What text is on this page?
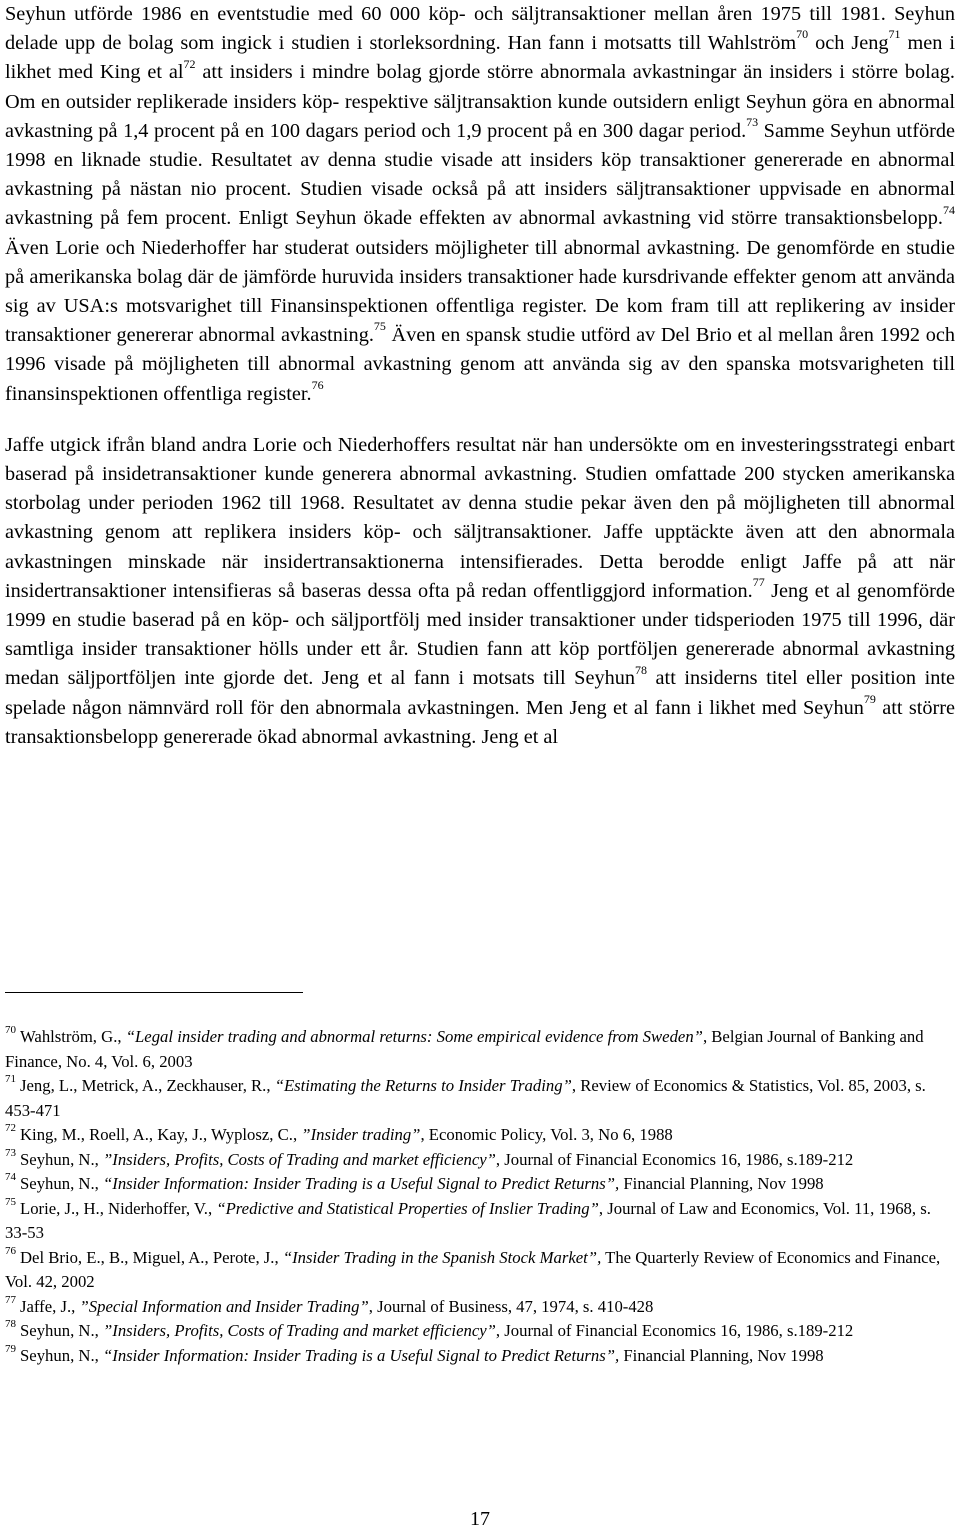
Seyhun utförde 1986 en eventstudie med 60 000 köp- och säljtransaktioner mellan åren 1975 till 1981. Seyhun delade upp de bolag som ingick i studien i storleksordning. Han fann i motsatts till Wahlström$^{70}$ och Jeng$^{71}$ men i likhet med King et $al^{72}$ att insiders i mindre bolag gjorde större abnormala avkastningar än insiders i större bolag. Om en outsider replikerade insiders köp- respektive säljtransaktion kunde outsidern enligt Seyhun göra en abnormal avkastning på 1,4 procent på en 100 dagars period och 1,9 procent på en 300 dagar period.$^{73}$ Samme Seyhun utförde 1998 en liknade studie. Resultatet av denna studie visade att insiders köp transaktioner genererade en abnormal avkastning på nästan nio procent. Studien visade också på att insiders säljtransaktioner uppvisade en abnormal avkastning på fem procent. Enligt Seyhun ökade effekten av abnormal avkastning vid större transaktionsbelopp.$^{74}$ Även Lorie och Niederhoffer har studerat outsiders möjligheter till abnormal avkastning. De genomförde en studie på amerikanska bolag där de jämförde huruvida insiders transaktioner hade kursdrivande effekter genom att använda sig av USA:s motsvarighet till Finansinspektionen offentliga register. De kom fram till att replikering av insider transaktioner genererar abnormal avkastning.$^{75}$ Även en spansk studie utförd av Del Brio et al mellan åren 1992 och 1996 visade på möjligheten till abnormal avkastning genom att använda sig av den spanska motsvarigheten till finansinspektionen offentliga register.$^{76}$

Jaffe utgick ifrån bland andra Lorie och Niederhoffers resultat när han undersökte om en investeringsstrategi enbart baserad på insidetransaktioner kunde generera abnormal avkastning. Studien omfattade 200 stycken amerikanska storbolag under perioden 1962 till 1968. Resultatet av denna studie pekar även den på möjligheten till abnormal avkastning genom att replikera insiders köp- och säljtransaktioner. Jaffe upptäckte även att den abnormala avkastningen minskade när insidertransaktionerna intensifierades. Detta berodde enligt Jaffe på att när insidertransaktioner intensifieras så baseras dessa ofta på redan offentliggjord information.$^{77}$ Jeng et al genomförde 1999 en studie baserad på en köp- och säljportfölj med insider transaktioner under tidsperioden 1975 till 1996, där samtliga insider transaktioner hölls under ett år. Studien fann att köp portföljen genererade abnormal avkastning medan säljportföljen inte gjorde det. Jeng et al fann i motsats till Seyhun$^{78}$ att insiderns titel eller position inte spelade någon nämnvärd roll för den abnormala avkastningen. Men Jeng et al fann i likhet med Seyhun$^{79}$ att större transaktionsbelopp genererade ökad abnormal avkastning. Jeng et al

$^{70}$ Wahlström, G., “Legal insider trading and abnormal returns: Some empirical evidence from Sweden”, Belgian Journal of Banking and Finance, No. 4, Vol. 6, 2003
$^{71}$ Jeng, L., Metrick, A., Zeckhauser, R., “Estimating the Returns to Insider Trading”, Review of Economics & Statistics, Vol. 85, 2003, s. 453-471
$^{72}$ King, M., Roell, A., Kay, J., Wyplosz, C., ”Insider trading”, Economic Policy, Vol. 3, No 6, 1988
$^{73}$ Seyhun, N., ”Insiders, Profits, Costs of Trading and market efficiency”, Journal of Financial Economics 16, 1986, s.189-212
$^{74}$ Seyhun, N., “Insider Information: Insider Trading is a Useful Signal to Predict Returns”, Financial Planning, Nov 1998
$^{75}$ Lorie, J., H., Niderhoffer, V., “Predictive and Statistical Properties of Inslier Trading”, Journal of Law and Economics, Vol. 11, 1968, s. 33-53
$^{76}$ Del Brio, E., B., Miguel, A., Perote, J., “Insider Trading in the Spanish Stock Market”, The Quarterly Review of Economics and Finance, Vol. 42, 2002
$^{77}$ Jaffe, J., ”Special Information and Insider Trading”, Journal of Business, 47, 1974, s. 410-428
$^{78}$ Seyhun, N., ”Insiders, Profits, Costs of Trading and market efficiency”, Journal of Financial Economics 16, 1986, s.189-212
$^{79}$ Seyhun, N., “Insider Information: Insider Trading is a Useful Signal to Predict Returns”, Financial Planning, Nov 1998
17
